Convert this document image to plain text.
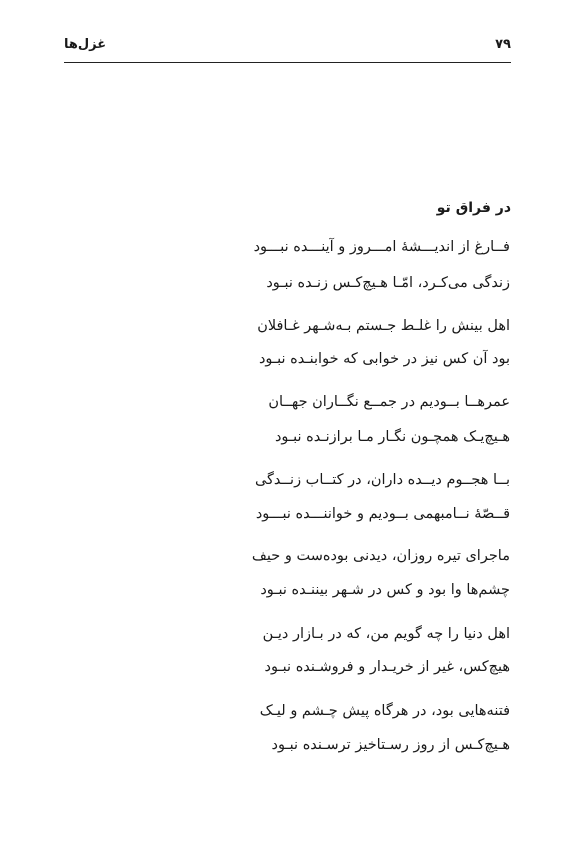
۷۹
غزل‌ها
در فراق تو
فــارغ از اندیـــشهٔ امـــروز و آینـــده نبـــود
زندگی می‌کـرد، امّـا هـیچ‌کـس زنـده نبـود
اهل بینش را غلـط جـستم بـه‌شـهر غـافلان
بود آن کس نیز در خوابی که خوابنـده نبـود
عمرهــا بــودیم در جمــع نگــاران جهــان
هـیچ‌یـک همچـون نگـار مـا برازنـده نبـود
بــا هجــوم دیــده داران، در کتــاب زنــدگی
قــصّهٔ نــامبهمی بــودیم و خواننـــده نبـــود
ماجرای تیره روزان، دیدنی بوده‌ست و حیف
چشم‌ها وا بود و کس در شـهر بیننـده نبـود
اهل دنیا را چه گویم من، که در بـازار دیـن
هیچ‌کس، غیر از خریـدار و فروشـنده نبـود
فتنه‌هایی بود، در هرگاه پیش چـشم و لیـک
هـیچ‌کـس از روز رسـتاخیز ترسـنده نبـود
